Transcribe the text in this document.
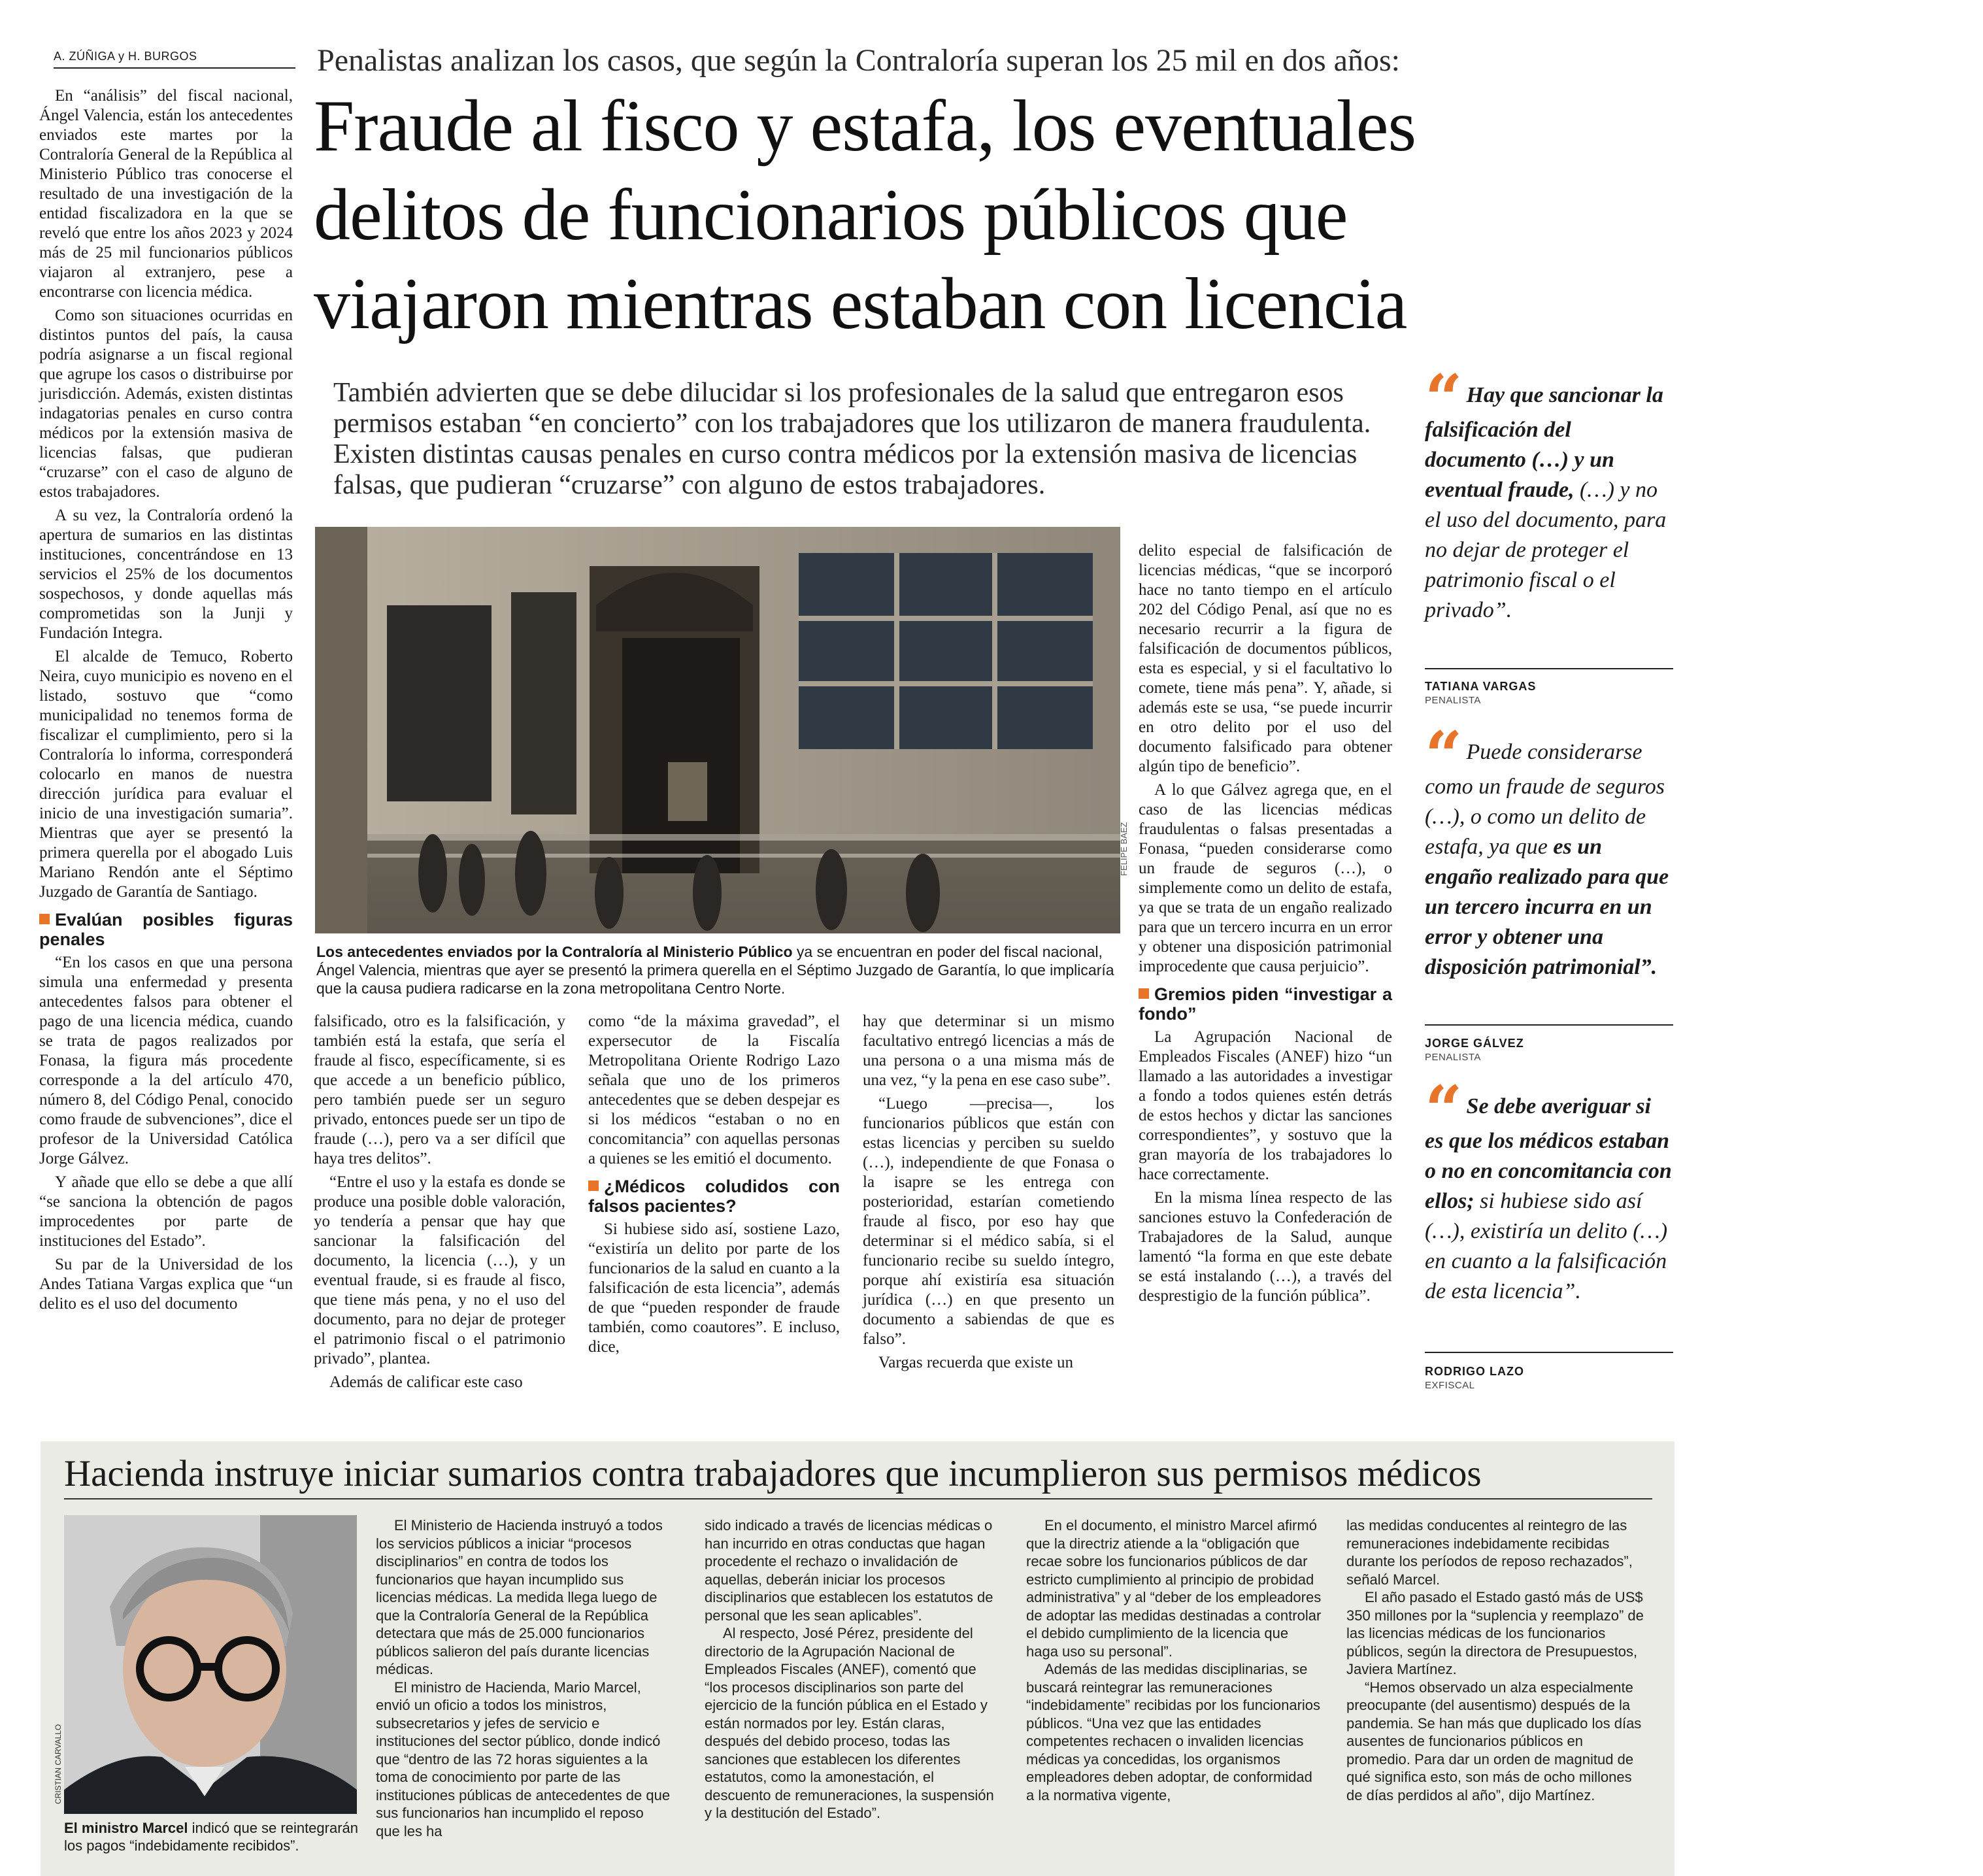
A. ZÚÑIGA y H. BURGOS	Penalistas analizan los casos, que según la Contraloría superan los 25 mil en dos años:
Fraude al fisco y estafa, los eventuales
delitos de funcionarios públicos que
viajaron mientras estaban con licencia
También advierten que se debe dilucidar si los profesionales de la salud que entregaron esos permisos estaban “en concierto” con los trabajadores que los utilizaron de manera fraudulenta. Existen distintas causas penales en curso contra médicos por la extensión masiva de licencias falsas, que pudieran “cruzarse” con alguno de estos trabajadores.

En “análisis” del fiscal nacional, Ángel Valencia, están los antecedentes enviados este martes por la Contraloría General de la República al Ministerio Público tras conocerse el resultado de una investigación de la entidad fiscalizadora en la que se reveló que entre los años 2023 y 2024 más de 25 mil funcionarios públicos viajaron al extranjero, pese a encontrarse con licencia médica.

Como son situaciones ocurridas en distintos puntos del país, la causa podría asignarse a un fiscal regional que agrupe los casos o distribuirse por jurisdicción. Además, existen distintas indagatorias penales en curso contra médicos por la extensión masiva de licencias falsas, que pudieran “cruzarse” con el caso de alguno de estos trabajadores.

A su vez, la Contraloría ordenó la apertura de sumarios en las distintas instituciones, concentrándose en 13 servicios el 25% de los documentos sospechosos, y donde aquellas más comprometidas son la Junji y Fundación Integra.

El alcalde de Temuco, Roberto Neira, cuyo municipio es noveno en el listado, sostuvo que “como municipalidad no tenemos forma de fiscalizar el cumplimiento, pero si la Contraloría lo informa, corresponderá colocarlo en manos de nuestra dirección jurídica para evaluar el inicio de una investigación sumaria”. Mientras que ayer se presentó la primera querella por el abogado Luis Mariano Rendón ante el Séptimo Juzgado de Garantía de Santiago.

Evalúan posibles figuras penales

“En los casos en que una persona simula una enfermedad y presenta antecedentes falsos para obtener el pago de una licencia médica, cuando se trata de pagos realizados por Fonasa, la figura más procedente corresponde a la del artículo 470, número 8, del Código Penal, conocido como fraude de subvenciones”, dice el profesor de la Universidad Católica Jorge Gálvez.

Y añade que ello se debe a que allí “se sanciona la obtención de pagos improcedentes por parte de instituciones del Estado”.

Su par de la Universidad de los Andes Tatiana Vargas explica que “un delito es el uso del documento

FELIPE BAEZ
Los antecedentes enviados por la Contraloría al Ministerio Público ya se encuentran en poder del fiscal nacional, Ángel Valencia, mientras que ayer se presentó la primera querella en el Séptimo Juzgado de Garantía, lo que implicaría que la causa pudiera radicarse en la zona metropolitana Centro Norte.

falsificado, otro es la falsificación, y también está la estafa, que sería el fraude al fisco, específicamente, si es que accede a un beneficio público, pero también puede ser un seguro privado, entonces puede ser un tipo de fraude (…), pero va a ser difícil que haya tres delitos”.

“Entre el uso y la estafa es donde se produce una posible doble valoración, yo tendería a pensar que hay que sancionar la falsificación del documento, la licencia (…), y un eventual fraude, si es fraude al fisco, que tiene más pena, y no el uso del documento, para no dejar de proteger el patrimonio fiscal o el patrimonio privado”, plantea.

Además de calificar este caso

como “de la máxima gravedad”, el expersecutor de la Fiscalía Metropolitana Oriente Rodrigo Lazo señala que uno de los primeros antecedentes que se deben despejar es si los médicos “estaban o no en concomitancia” con aquellas personas a quienes se les emitió el documento.

¿Médicos coludidos con falsos pacientes?

Si hubiese sido así, sostiene Lazo, “existiría un delito por parte de los funcionarios de la salud en cuanto a la falsificación de esta licencia”, además de que “pueden responder de fraude también, como coautores”. E incluso, dice,

hay que determinar si un mismo facultativo entregó licencias a más de una persona o a una misma más de una vez, “y la pena en ese caso sube”.

“Luego —precisa—, los funcionarios públicos que están con estas licencias y perciben su sueldo (…), independiente de que Fonasa o la isapre se les entrega con posterioridad, estarían cometiendo fraude al fisco, por eso hay que determinar si el médico sabía, si el funcionario recibe su sueldo íntegro, porque ahí existiría esa situación jurídica (…) en que presento un documento a sabiendas de que es falso”.

Vargas recuerda que existe un

delito especial de falsificación de licencias médicas, “que se incorporó hace no tanto tiempo en el artículo 202 del Código Penal, así que no es necesario recurrir a la figura de falsificación de documentos públicos, esta es especial, y si el facultativo lo comete, tiene más pena”. Y, añade, si además este se usa, “se puede incurrir en otro delito por el uso del documento falsificado para obtener algún tipo de beneficio”.

A lo que Gálvez agrega que, en el caso de las licencias médicas fraudulentas o falsas presentadas a Fonasa, “pueden considerarse como un fraude de seguros (…), o simplemente como un delito de estafa, ya que se trata de un engaño realizado para que un tercero incurra en un error y obtener una disposición patrimonial improcedente que causa perjuicio”.

Gremios piden “investigar a fondo”

La Agrupación Nacional de Empleados Fiscales (ANEF) hizo “un llamado a las autoridades a investigar a fondo a todos quienes estén detrás de estos hechos y dictar las sanciones correspondientes”, y sostuvo que la gran mayoría de los trabajadores lo hace correctamente.

En la misma línea respecto de las sanciones estuvo la Confederación de Trabajadores de la Salud, aunque lamentó “la forma en que este debate se está instalando (…), a través del desprestigio de la función pública”.

“ Hay que sancionar la falsificación del documento (…) y un eventual fraude, (…) y no el uso del documento, para no dejar de proteger el patrimonio fiscal o el privado”.
TATIANA VARGAS
PENALISTA
“ Puede considerarse como un fraude de seguros (…), o como un delito de estafa, ya que es un engaño realizado para que un tercero incurra en un error y obtener una disposición patrimonial”.
JORGE GÁLVEZ
PENALISTA
“ Se debe averiguar si es que los médicos estaban o no en concomitancia con ellos; si hubiese sido así (…), existiría un delito (…) en cuanto a la falsificación de esta licencia”.
RODRIGO LAZO
EXFISCAL
Hacienda instruye iniciar sumarios contra trabajadores que incumplieron sus permisos médicos
CRISTIAN CARVALLO
El ministro Marcel indicó que se reintegrarán los pagos “indebidamente recibidos”.

El Ministerio de Hacienda instruyó a todos los servicios públicos a iniciar “procesos disciplinarios” en contra de todos los funcionarios que hayan incumplido sus licencias médicas. La medida llega luego de que la Contraloría General de la República detectara que más de 25.000 funcionarios públicos salieron del país durante licencias médicas.

El ministro de Hacienda, Mario Marcel, envió un oficio a todos los ministros, subsecretarios y jefes de servicio e instituciones del sector público, donde indicó que “dentro de las 72 horas siguientes a la toma de conocimiento por parte de las instituciones públicas de antecedentes de que sus funcionarios han incumplido el reposo que les ha

sido indicado a través de licencias médicas o han incurrido en otras conductas que hagan procedente el rechazo o invalidación de aquellas, deberán iniciar los procesos disciplinarios que establecen los estatutos de personal que les sean aplicables”.

Al respecto, José Pérez, presidente del directorio de la Agrupación Nacional de Empleados Fiscales (ANEF), comentó que “los procesos disciplinarios son parte del ejercicio de la función pública en el Estado y están normados por ley. Están claras, después del debido proceso, todas las sanciones que establecen los diferentes estatutos, como la amonestación, el descuento de remuneraciones, la suspensión y la destitución del Estado”.

En el documento, el ministro Marcel afirmó que la directriz atiende a la “obligación que recae sobre los funcionarios públicos de dar estricto cumplimiento al principio de probidad administrativa” y al “deber de los empleadores de adoptar las medidas destinadas a controlar el debido cumplimiento de la licencia que haga uso su personal”.

Además de las medidas disciplinarias, se buscará reintegrar las remuneraciones “indebidamente” recibidas por los funcionarios públicos. “Una vez que las entidades competentes rechacen o invaliden licencias médicas ya concedidas, los organismos empleadores deben adoptar, de conformidad a la normativa vigente,

las medidas conducentes al reintegro de las remuneraciones indebidamente recibidas durante los períodos de reposo rechazados”, señaló Marcel.

El año pasado el Estado gastó más de US$ 350 millones por la “suplencia y reemplazo” de las licencias médicas de los funcionarios públicos, según la directora de Presupuestos, Javiera Martínez.

“Hemos observado un alza especialmente preocupante (del ausentismo) después de la pandemia. Se han más que duplicado los días ausentes de funcionarios públicos en promedio. Para dar un orden de magnitud de qué significa esto, son más de ocho millones de días perdidos al año”, dijo Martínez.
